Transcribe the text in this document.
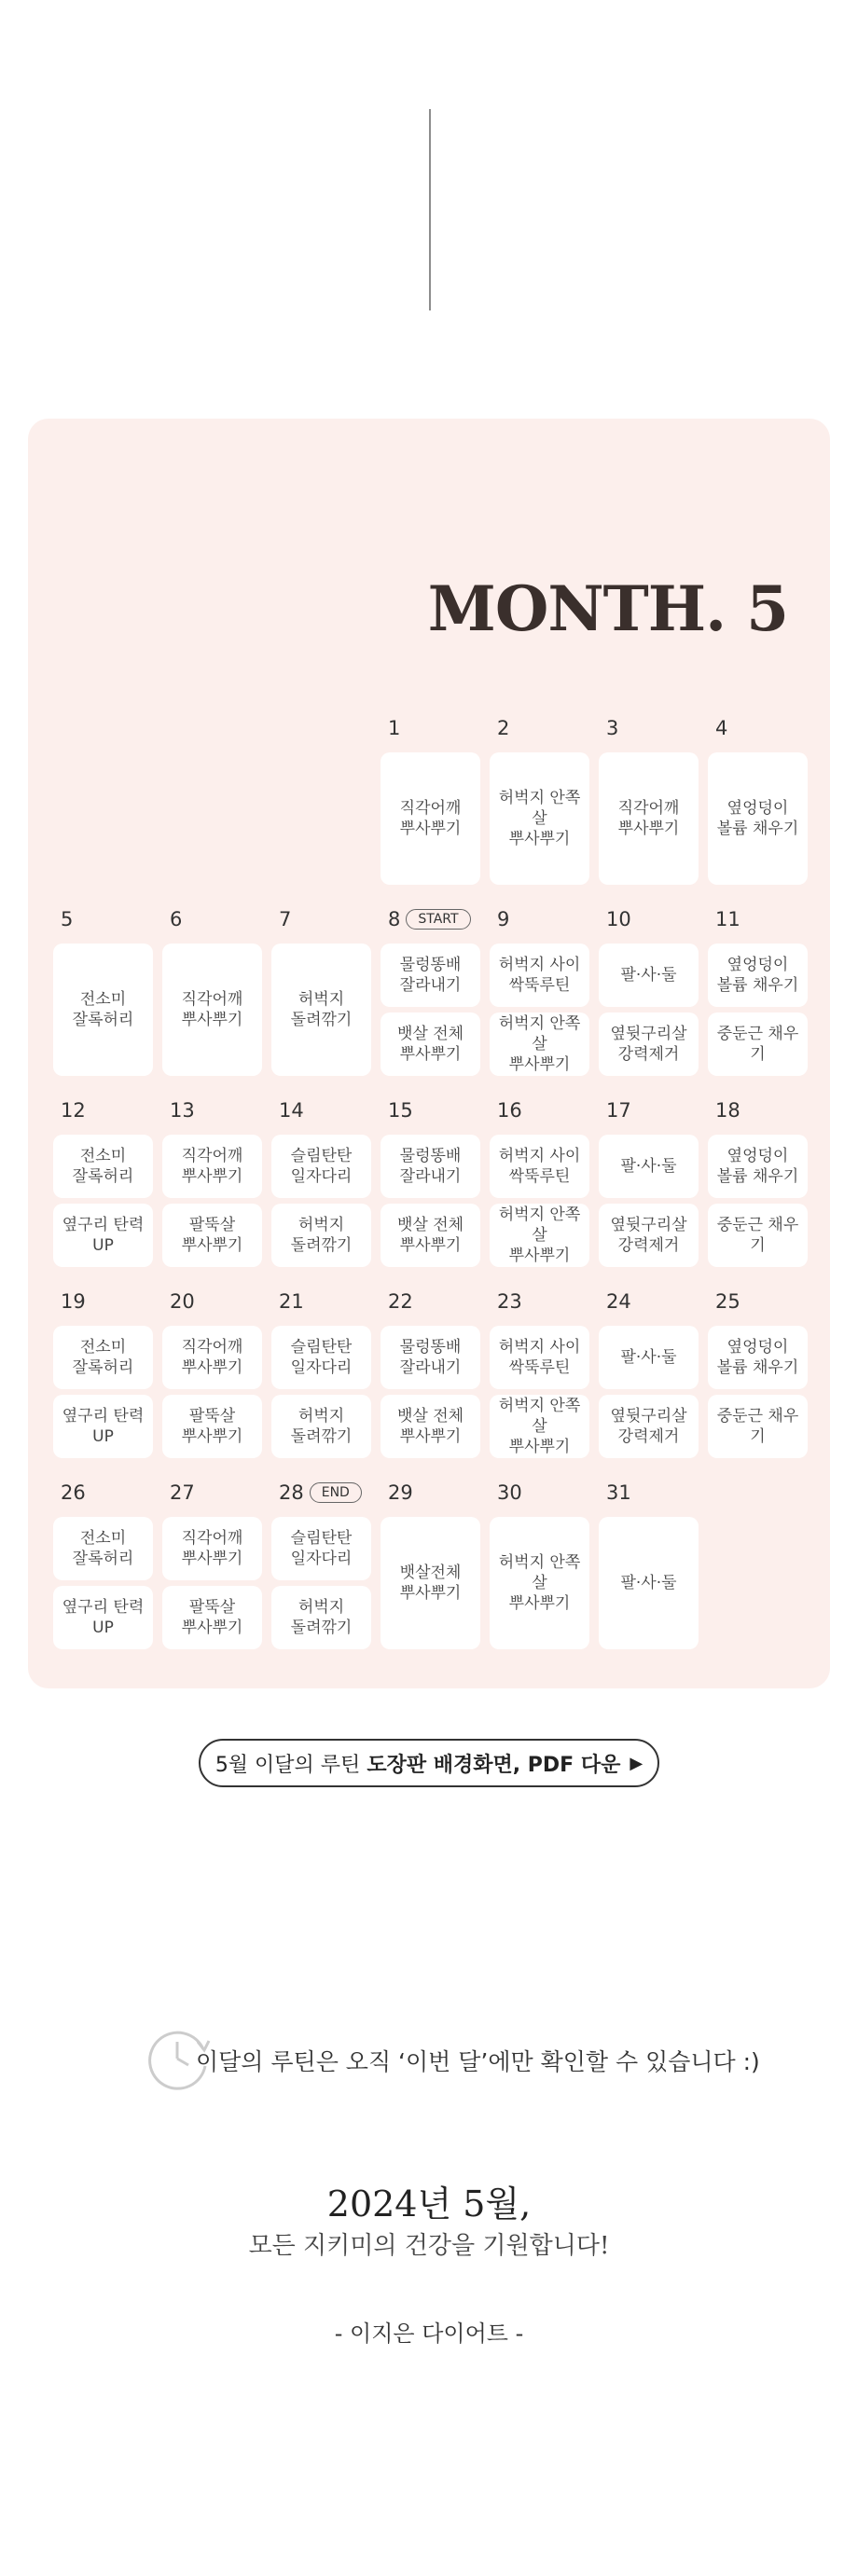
MONTH. 5
1
직각어깨
뿌사뿌기
2
허벅지 안쪽살
뿌사뿌기
3
직각어깨
뿌사뿌기
4
옆엉덩이
볼륨 채우기
5
전소미
잘록허리
6
직각어깨
뿌사뿌기
7
허벅지
돌려깎기
8	START
물렁똥배
잘라내기
뱃살 전체
뿌사뿌기
9
허벅지 사이
싹뚝루틴
허벅지 안쪽살
뿌사뿌기
10
팔·사·둘
옆뒷구리살
강력제거
11
옆엉덩이
볼륨 채우기
중둔근 채우기
12
전소미
잘록허리
옆구리 탄력
UP
13
직각어깨
뿌사뿌기
팔뚝살
뿌사뿌기
14
슬림탄탄
일자다리
허벅지
돌려깎기
15
물렁똥배
잘라내기
뱃살 전체
뿌사뿌기
16
허벅지 사이
싹뚝루틴
허벅지 안쪽살
뿌사뿌기
17
팔·사·둘
옆뒷구리살
강력제거
18
옆엉덩이
볼륨 채우기
중둔근 채우기
19
전소미
잘록허리
옆구리 탄력
UP
20
직각어깨
뿌사뿌기
팔뚝살
뿌사뿌기
21
슬림탄탄
일자다리
허벅지
돌려깎기
22
물렁똥배
잘라내기
뱃살 전체
뿌사뿌기
23
허벅지 사이
싹뚝루틴
허벅지 안쪽살
뿌사뿌기
24
팔·사·둘
옆뒷구리살
강력제거
25
옆엉덩이
볼륨 채우기
중둔근 채우기
26
전소미
잘록허리
옆구리 탄력
UP
27
직각어깨
뿌사뿌기
팔뚝살
뿌사뿌기
28	END
슬림탄탄
일자다리
허벅지
돌려깎기
29
뱃살전체
뿌사뿌기
30
허벅지 안쪽살
뿌사뿌기
31
팔·사·둘
5월 이달의 루틴 도장판 배경화면, PDF 다운 ▶
이달의 루틴은 오직 ‘이번 달’에만 확인할 수 있습니다 :)
2024년 5월,
모든 지키미의 건강을 기원합니다!
- 이지은 다이어트 -
